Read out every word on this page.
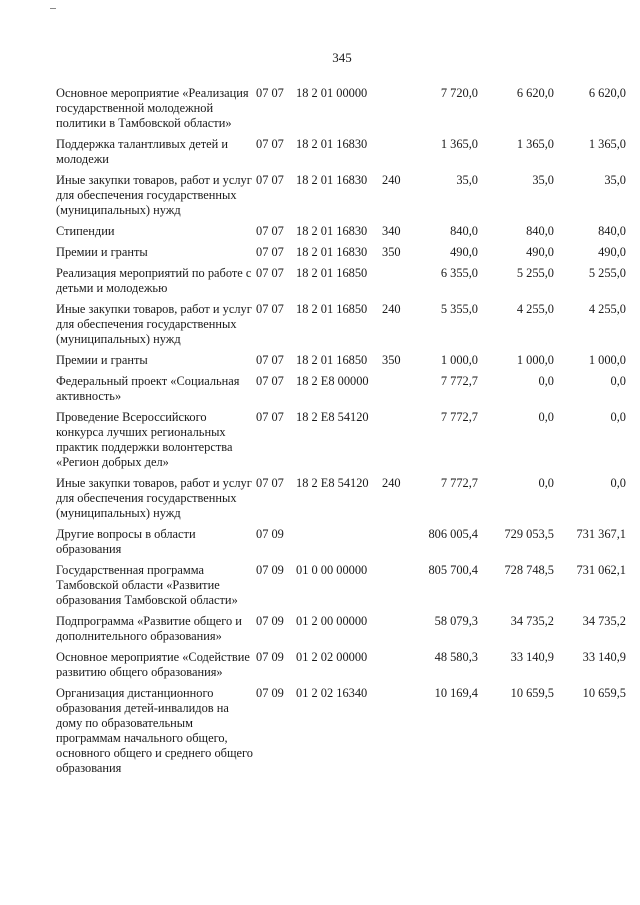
345
Основное мероприятие «Реализация государственной молодежной политики в Тамбовской области»	07 07	18 2 01 00000		7 720,0	6 620,0	6 620,0
Поддержка талантливых детей и молодежи	07 07	18 2 01 16830		1 365,0	1 365,0	1 365,0
Иные закупки товаров, работ и услуг для обеспечения государственных (муниципальных) нужд	07 07	18 2 01 16830	240	35,0	35,0	35,0
Стипендии	07 07	18 2 01 16830	340	840,0	840,0	840,0
Премии и гранты	07 07	18 2 01 16830	350	490,0	490,0	490,0
Реализация мероприятий по работе с детьми и молодежью	07 07	18 2 01 16850		6 355,0	5 255,0	5 255,0
Иные закупки товаров, работ и услуг для обеспечения государственных (муниципальных) нужд	07 07	18 2 01 16850	240	5 355,0	4 255,0	4 255,0
Премии и гранты	07 07	18 2 01 16850	350	1 000,0	1 000,0	1 000,0
Федеральный проект «Социальная активность»	07 07	18 2 E8 00000		7 772,7	0,0	0,0
Проведение Всероссийского конкурса лучших региональных практик поддержки волонтерства «Регион добрых дел»	07 07	18 2 E8 54120		7 772,7	0,0	0,0
Иные закупки товаров, работ и услуг для обеспечения государственных (муниципальных) нужд	07 07	18 2 E8 54120	240	7 772,7	0,0	0,0
Другие вопросы в области образования	07 09			806 005,4	729 053,5	731 367,1
Государственная программа Тамбовской области «Развитие образования Тамбовской области»	07 09	01 0 00 00000		805 700,4	728 748,5	731 062,1
Подпрограмма «Развитие общего и дополнительного образования»	07 09	01 2 00 00000		58 079,3	34 735,2	34 735,2
Основное мероприятие «Содействие развитию общего образования»	07 09	01 2 02 00000		48 580,3	33 140,9	33 140,9
Организация дистанционного образования детей-инвалидов на дому по образовательным программам начального общего, основного общего и среднего общего образования	07 09	01 2 02 16340		10 169,4	10 659,5	10 659,5
